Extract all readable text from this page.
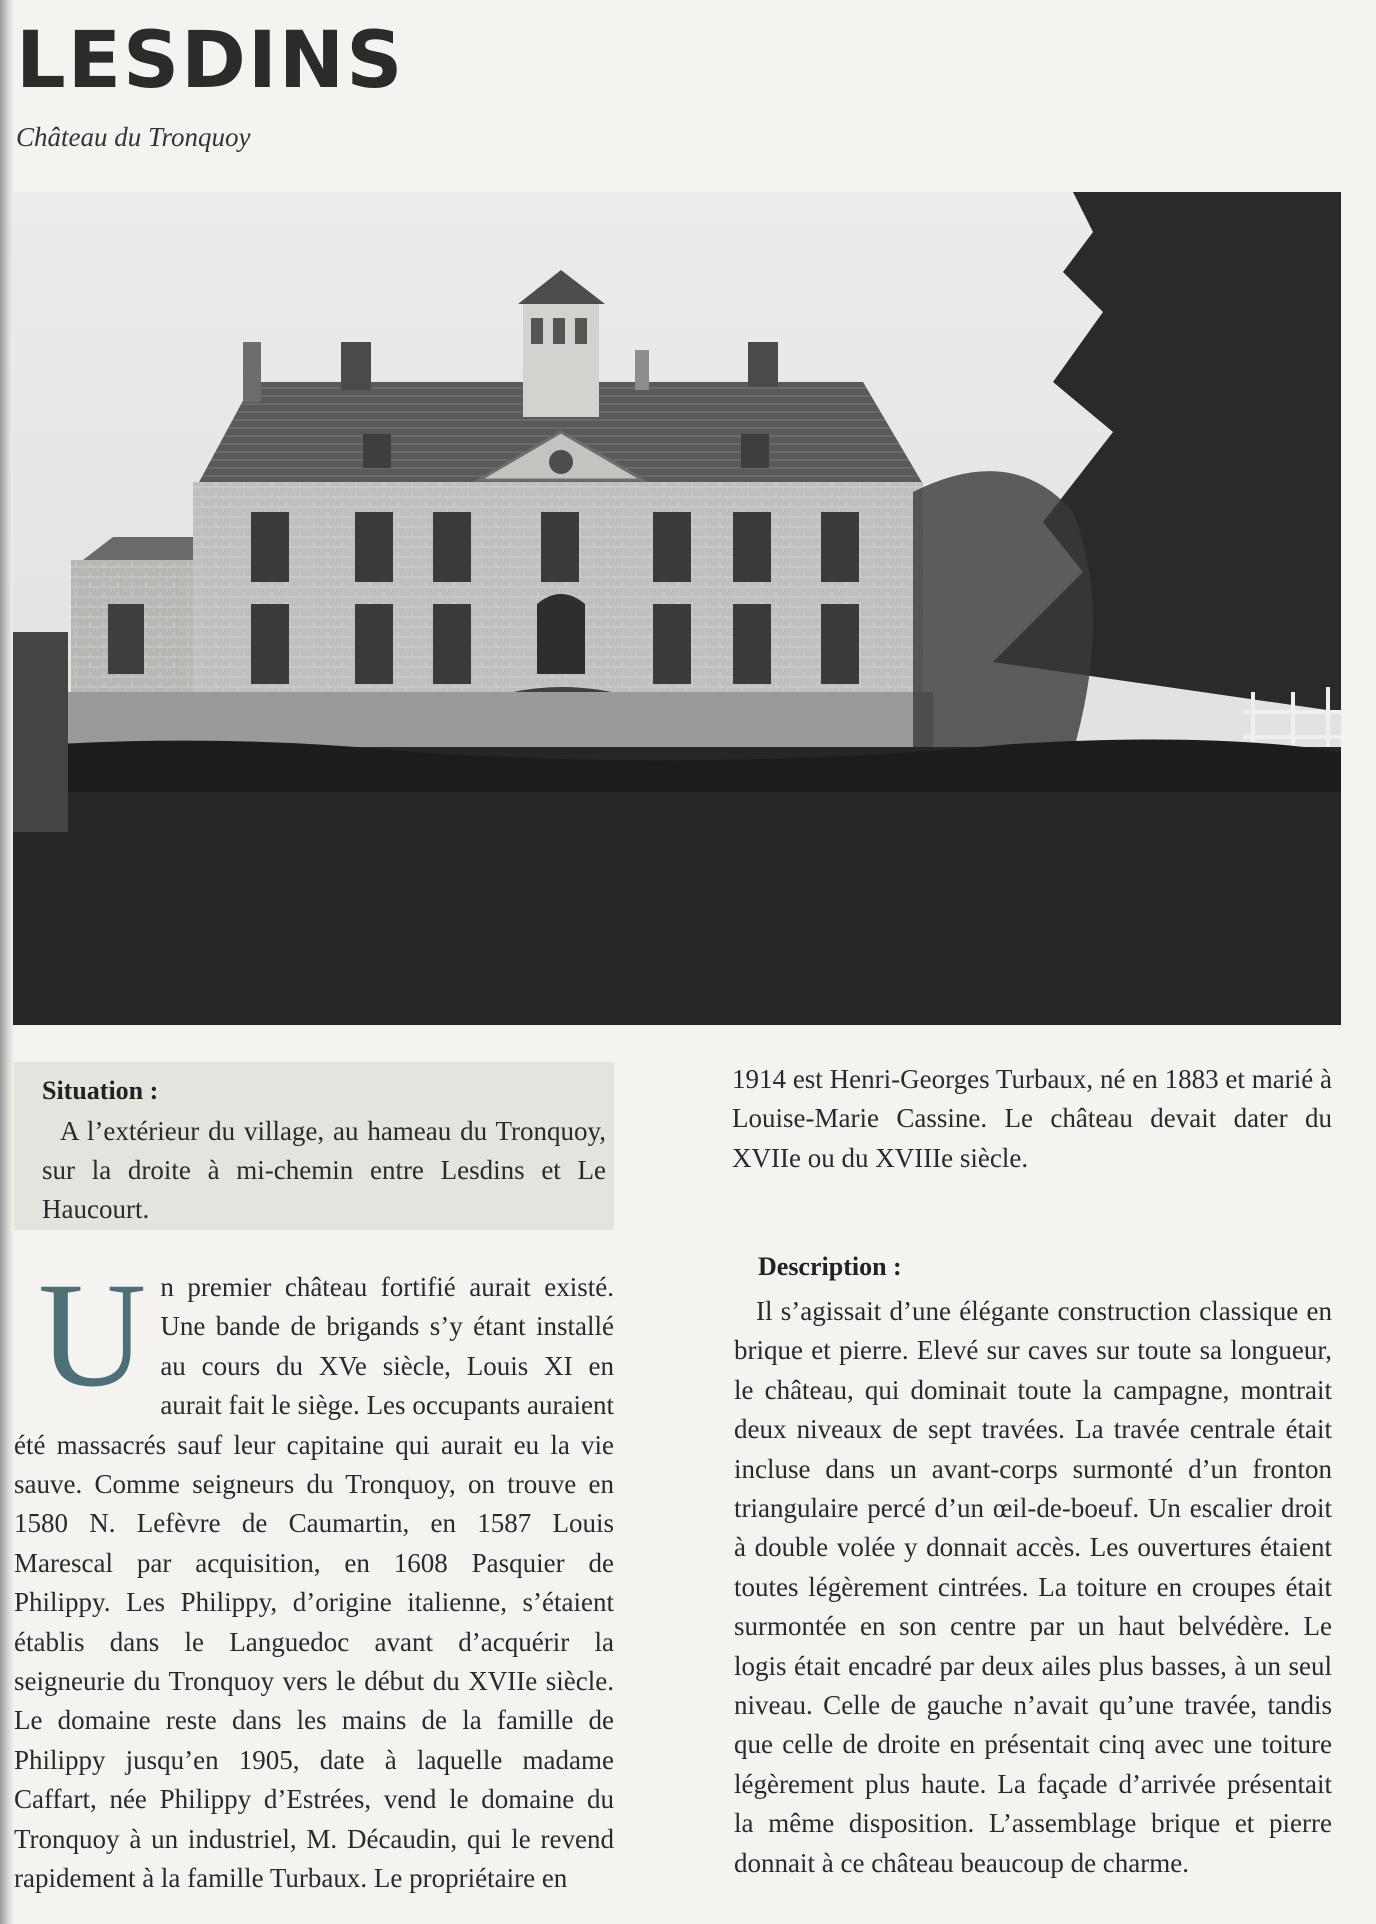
LESDINS

Château du Tronquoy

Situation :

A l’extérieur du village, au hameau du Tronquoy, sur la droite à mi-chemin entre Lesdins et Le Haucourt.

U n premier château fortifié aurait existé. Une bande de brigands s’y étant installé au cours du XVe siècle, Louis XI en aurait fait le siège. Les occupants auraient été massacrés sauf leur capitaine qui aurait eu la vie sauve. Comme seigneurs du Tronquoy, on trouve en 1580 N. Lefèvre de Caumartin, en 1587 Louis Marescal par acquisition, en 1608 Pasquier de Philippy. Les Philippy, d’origine italienne, s’étaient établis dans le Languedoc avant d’acquérir la seigneurie du Tronquoy vers le début du XVIIe siècle. Le domaine reste dans les mains de la famille de Philippy jusqu’en 1905, date à laquelle madame Caffart, née Philippy d’Estrées, vend le domaine du Tronquoy à un industriel, M. Décaudin, qui le revend rapidement à la famille Turbaux. Le propriétaire en

1914 est Henri-Georges Turbaux, né en 1883 et marié à Louise-Marie Cassine. Le château devait dater du XVIIe ou du XVIIIe siècle.

Description :

Il s’agissait d’une élégante construction classique en brique et pierre. Elevé sur caves sur toute sa longueur, le château, qui dominait toute la campagne, montrait deux niveaux de sept travées. La travée centrale était incluse dans un avant-corps surmonté d’un fronton triangulaire percé d’un œil-de-boeuf. Un escalier droit à double volée y donnait accès. Les ouvertures étaient toutes légèrement cintrées. La toiture en croupes était surmontée en son centre par un haut belvédère. Le logis était encadré par deux ailes plus basses, à un seul niveau. Celle de gauche n’avait qu’une travée, tandis que celle de droite en présentait cinq avec une toiture légèrement plus haute. La façade d’arrivée présentait la même disposition. L’assemblage brique et pierre donnait à ce château beaucoup de charme.
